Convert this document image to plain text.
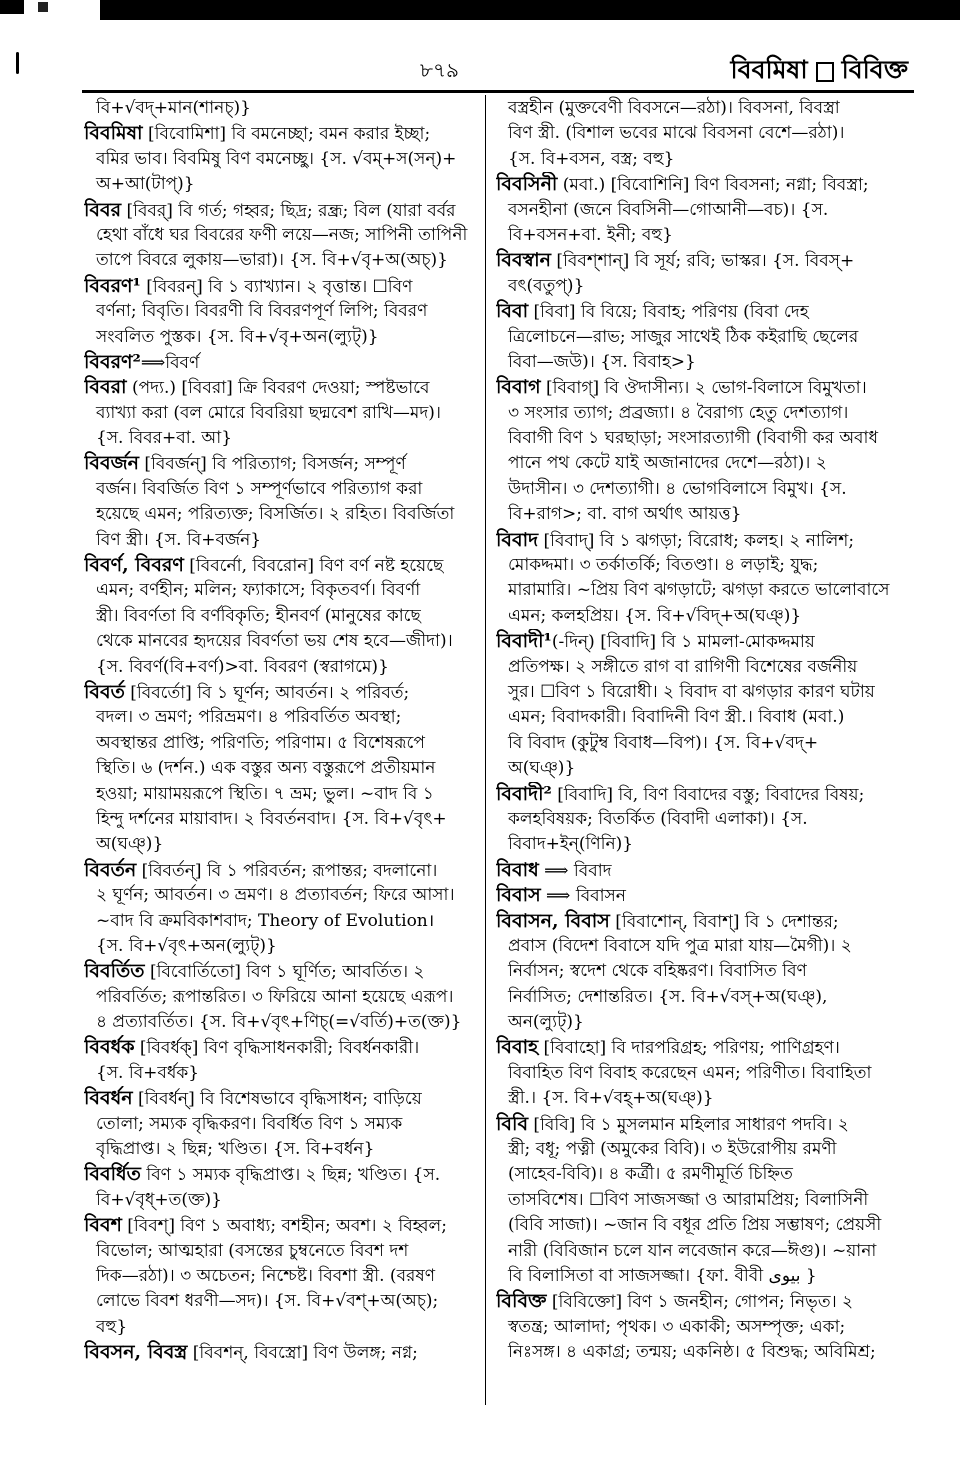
৮৭৯	বিবমিষা বিবিক্ত
বি+√বদ্+মান(শানচ্)}
বিবমিষা [বিবোমিশা] বি বমনেচ্ছা; বমন করার ইচ্ছা;
বমির ভাব। বিবমিষু বিণ বমনেচ্ছু। {স. √বম্+স(সন্)+
অ+আ(টাপ্)}
বিবর [বিবর্] বি গর্ত; গহ্বর; ছিদ্র; রন্ধ্র; বিল (যারা বর্বর
হেথা বাঁধে ঘর বিবরের ফণী লয়ে—নজ; সাপিনী তাপিনী
তাপে বিবরে লুকায়—ভারা)। {স. বি+√বৃ+অ(অচ্)}
বিবরণ¹ [বিবরন্] বি ১ ব্যাখ্যান। ২ বৃত্তান্ত। ☐বিণ
বর্ণনা; বিবৃতি। বিবরণী বি বিবরণপূর্ণ লিপি; বিবরণ
সংবলিত পুস্তক। {স. বি+√বৃ+অন(ল্যুট্)}
বিবরণ²⟹বিবর্ণ
বিবরা (পদ্য.) [বিবরা] ক্রি বিবরণ দেওয়া; স্পষ্টভাবে
ব্যাখ্যা করা (বল মোরে বিবরিয়া ছদ্মবেশ রাখি—মদ)।
{স. বিবর+বা. আ}
বিবর্জন [বিবর্জন্] বি পরিত্যাগ; বিসর্জন; সম্পূর্ণ
বর্জন। বিবর্জিত বিণ ১ সম্পূর্ণভাবে পরিত্যাগ করা
হয়েছে এমন; পরিত্যক্ত; বিসর্জিত। ২ রহিত। বিবর্জিতা
বিণ স্ত্রী। {স. বি+বর্জন}
বিবর্ণ, বিবরণ [বিবর্নো, বিবরোন] বিণ বর্ণ নষ্ট হয়েছে
এমন; বর্ণহীন; মলিন; ফ্যাকাসে; বিকৃতবর্ণ। বিবর্ণা
স্ত্রী। বিবর্ণতা বি বর্ণবিকৃতি; হীনবর্ণ (মানুষের কাছে
থেকে মানবের হৃদয়ের বিবর্ণতা ভয় শেষ হবে—জীদা)।
{স. বিবর্ণ(বি+বর্ণ)>বা. বিবরণ (স্বরাগমে)}
বিবর্ত [বিবর্তো] বি ১ ঘূর্ণন; আবর্তন। ২ পরিবর্ত;
বদল। ৩ ভ্রমণ; পরিভ্রমণ। ৪ পরিবর্তিত অবস্থা;
অবস্থান্তর প্রাপ্তি; পরিণতি; পরিণাম। ৫ বিশেষরূপে
স্থিতি। ৬ (দর্শন.) এক বস্তুর অন্য বস্তুরূপে প্রতীয়মান
হওয়া; মায়াময়রূপে স্থিতি। ৭ ভ্রম; ভুল। ~বাদ বি ১
হিন্দু দর্শনের মায়াবাদ। ২ বিবর্তনবাদ। {স. বি+√বৃৎ+
অ(ঘঞ্)}
বিবর্তন [বিবর্তন্] বি ১ পরিবর্তন; রূপান্তর; বদলানো।
২ ঘূর্ণন; আবর্তন। ৩ ভ্রমণ। ৪ প্রত্যাবর্তন; ফিরে আসা।
~বাদ বি ক্রমবিকাশবাদ; Theory of Evolution।
{স. বি+√বৃৎ+অন(ল্যুট্)}
বিবর্তিত [বিবোর্তিতো] বিণ ১ ঘূর্ণিত; আবর্তিত। ২
পরিবর্তিত; রূপান্তরিত। ৩ ফিরিয়ে আনা হয়েছে এরূপ।
৪ প্রত্যাবর্তিত। {স. বি+√বৃৎ+ণিচ্(=√বর্তি)+ত(ক্ত)}
বিবর্ধক [বিবর্ধক্] বিণ বৃদ্ধিসাধনকারী; বিবর্ধনকারী।
{স. বি+বর্ধক}
বিবর্ধন [বিবর্ধন্] বি বিশেষভাবে বৃদ্ধিসাধন; বাড়িয়ে
তোলা; সম্যক বৃদ্ধিকরণ। বিবর্ধিত বিণ ১ সম্যক
বৃদ্ধিপ্রাপ্ত। ২ ছিন্ন; খণ্ডিত। {স. বি+বর্ধন}
বিবর্ধিত বিণ ১ সম্যক বৃদ্ধিপ্রাপ্ত। ২ ছিন্ন; খণ্ডিত। {স.
বি+√বৃধ্+ত(ক্ত)}
বিবশ [বিবশ্] বিণ ১ অবাধ্য; বশহীন; অবশ। ২ বিহ্বল;
বিভোল; আত্মহারা (বসন্তের চুম্বনেতে বিবশ দশ
দিক—রঠা)। ৩ অচেতন; নিশ্চেষ্ট। বিবশা স্ত্রী. (বরষণ
লোভে বিবশ ধরণী—সদ)। {স. বি+√বশ্+অ(অচ্);
বহু}
বিবসন, বিবস্ত্র [বিবশন্, বিবস্ত্রো] বিণ উলঙ্গ; নগ্ন;
বস্ত্রহীন (মুক্তবেণী বিবসনে—রঠা)। বিবসনা, বিবস্ত্রা
বিণ স্ত্রী. (বিশাল ভবের মাঝে বিবসনা বেশে—রঠা)।
{স. বি+বসন, বস্ত্র; বহু}
বিবসিনী (মবা.) [বিবোশিনি] বিণ বিবসনা; নগ্না; বিবস্ত্রা;
বসনহীনা (জনে বিবসিনী—গোআনী—বচ)। {স.
বি+বসন+বা. ইনী; বহু}
বিবস্বান [বিবশ্শান্] বি সূর্য; রবি; ভাস্কর। {স. বিবস্+
বৎ(বতুপ্)}
বিবা [বিবা] বি বিয়ে; বিবাহ; পরিণয় (বিবা দেহ
ত্রিলোচনে—রাভ; সাজুর সাথেই ঠিক কইরাছি ছেলের
বিবা—জউ)। {স. বিবাহ>}
বিবাগ [বিবাগ্] বি ঔদাসীন্য। ২ ভোগ-বিলাসে বিমুখতা।
৩ সংসার ত্যাগ; প্রব্রজ্যা। ৪ বৈরাগ্য হেতু দেশত্যাগ।
বিবাগী বিণ ১ ঘরছাড়া; সংসারত্যাগী (বিবাগী কর অবাধ
পানে পথ কেটে যাই অজানাদের দেশে—রঠা)। ২
উদাসীন। ৩ দেশত্যাগী। ৪ ভোগবিলাসে বিমুখ। {স.
বি+রাগ>; বা. বাগ অর্থাৎ আয়ত্ত}
বিবাদ [বিবাদ্] বি ১ ঝগড়া; বিরোধ; কলহ। ২ নালিশ;
মোকদ্দমা। ৩ তর্কাতর্কি; বিতণ্ডা। ৪ লড়াই; যুদ্ধ;
মারামারি। ~প্রিয় বিণ ঝগড়াটে; ঝগড়া করতে ভালোবাসে
এমন; কলহপ্রিয়। {স. বি+√বিদ্+অ(ঘঞ্)}
বিবাদী¹(-দিন্) [বিবাদি] বি ১ মামলা-মোকদ্দমায়
প্রতিপক্ষ। ২ সঙ্গীতে রাগ বা রাগিণী বিশেষের বর্জনীয়
সুর। ☐বিণ ১ বিরোধী। ২ বিবাদ বা ঝগড়ার কারণ ঘটায়
এমন; বিবাদকারী। বিবাদিনী বিণ স্ত্রী.। বিবাধ (মবা.)
বি বিবাদ (কুটুম্ব বিবাধ—বিপ)। {স. বি+√বদ্+
অ(ঘঞ্)}
বিবাদী² [বিবাদি] বি, বিণ বিবাদের বস্তু; বিবাদের বিষয়;
কলহবিষয়ক; বিতর্কিত (বিবাদী এলাকা)। {স.
বিবাদ+ইন্(ণিনি)}
বিবাধ ⟹ বিবাদ
বিবাস ⟹ বিবাসন
বিবাসন, বিবাস [বিবাশোন্, বিবাশ্] বি ১ দেশান্তর;
প্রবাস (বিদেশ বিবাসে যদি পুত্র মারা যায়—মৈগী)। ২
নির্বাসন; স্বদেশ থেকে বহিষ্করণ। বিবাসিত বিণ
নির্বাসিত; দেশান্তরিত। {স. বি+√বস্+অ(ঘঞ্),
অন(ল্যুট্)}
বিবাহ [বিবাহো] বি দারপরিগ্রহ; পরিণয়; পাণিগ্রহণ।
বিবাহিত বিণ বিবাহ করেছেন এমন; পরিণীত। বিবাহিতা
স্ত্রী.। {স. বি+√বহ্+অ(ঘঞ্)}
বিবি [বিবি] বি ১ মুসলমান মহিলার সাধারণ পদবি। ২
স্ত্রী; বধূ; পত্নী (অমুকের বিবি)। ৩ ইউরোপীয় রমণী
(সাহেব-বিবি)। ৪ কর্ত্রী। ৫ রমণীমূর্তি চিহ্নিত
তাসবিশেষ। ☐বিণ সাজসজ্জা ও আরামপ্রিয়; বিলাসিনী
(বিবি সাজা)। ~জান বি বধূর প্রতি প্রিয় সম্ভাষণ; প্রেয়সী
নারী (বিবিজান চলে যান লবেজান করে—ঈগু)। ~য়ানা
বি বিলাসিতা বা সাজসজ্জা। {ফা. বীবী بیوی }
বিবিক্ত [বিবিক্তো] বিণ ১ জনহীন; গোপন; নিভৃত। ২
স্বতন্ত্র; আলাদা; পৃথক। ৩ একাকী; অসম্পৃক্ত; একা;
নিঃসঙ্গ। ৪ একাগ্র; তন্ময়; একনিষ্ঠ। ৫ বিশুদ্ধ; অবিমিশ্র;
